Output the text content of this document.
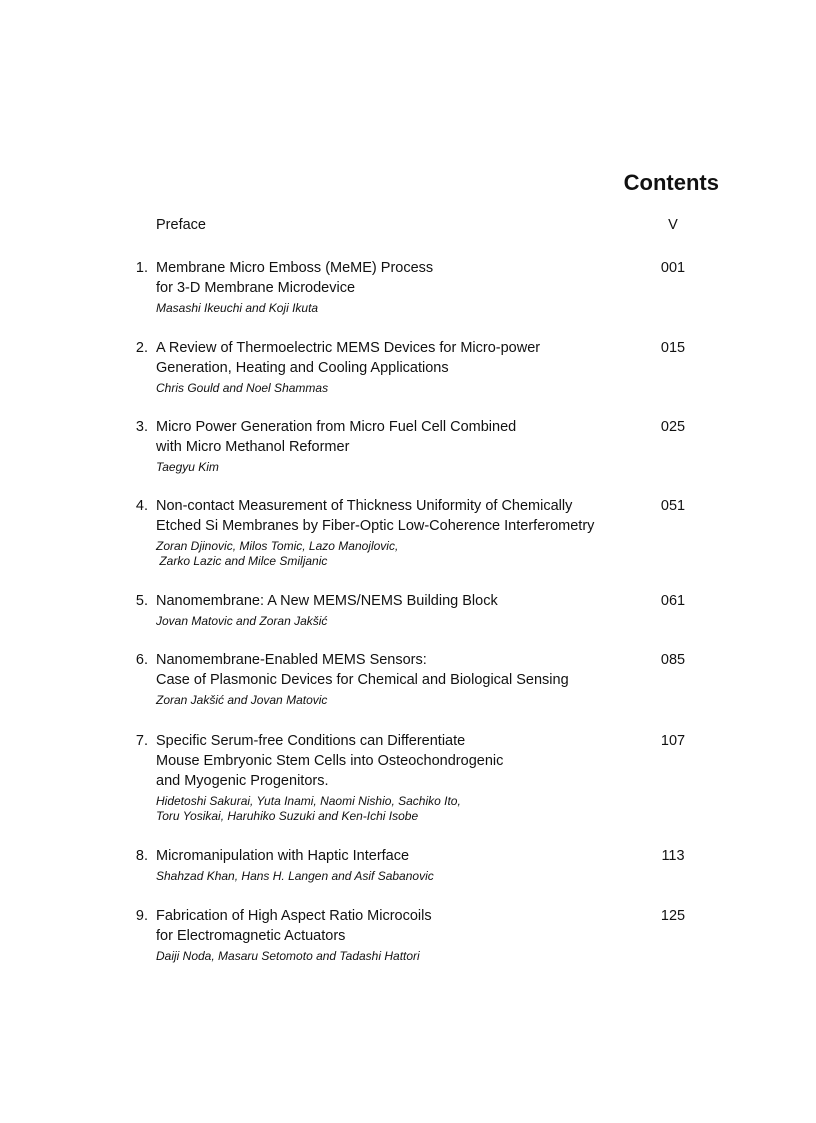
Contents
Preface	V
1. Membrane Micro Emboss (MeME) Process
for 3-D Membrane Microdevice
Masashi Ikeuchi and Koji Ikuta
001
2. A Review of Thermoelectric MEMS Devices for Micro-power
Generation, Heating and Cooling Applications
Chris Gould and Noel Shammas
015
3. Micro Power Generation from Micro Fuel Cell Combined
with Micro Methanol Reformer
Taegyu Kim
025
4. Non-contact Measurement of Thickness Uniformity of Chemically
Etched Si Membranes by Fiber-Optic Low-Coherence Interferometry
Zoran Djinovic, Milos Tomic, Lazo Manojlovic,
Zarko Lazic and Milce Smiljanic
051
5. Nanomembrane: A New MEMS/NEMS Building Block
Jovan Matovic and Zoran Jakšić
061
6. Nanomembrane-Enabled MEMS Sensors:
Case of Plasmonic Devices for Chemical and Biological Sensing
Zoran Jakšić and Jovan Matovic
085
7. Specific Serum-free Conditions can Differentiate
Mouse Embryonic Stem Cells into Osteochondrogenic
and Myogenic Progenitors.
Hidetoshi Sakurai, Yuta Inami, Naomi Nishio, Sachiko Ito,
Toru Yosikai, Haruhiko Suzuki and Ken-Ichi Isobe
107
8. Micromanipulation with Haptic Interface
Shahzad Khan, Hans H. Langen and Asif Sabanovic
113
9. Fabrication of High Aspect Ratio Microcoils
for Electromagnetic Actuators
Daiji Noda, Masaru Setomoto and Tadashi Hattori
125
